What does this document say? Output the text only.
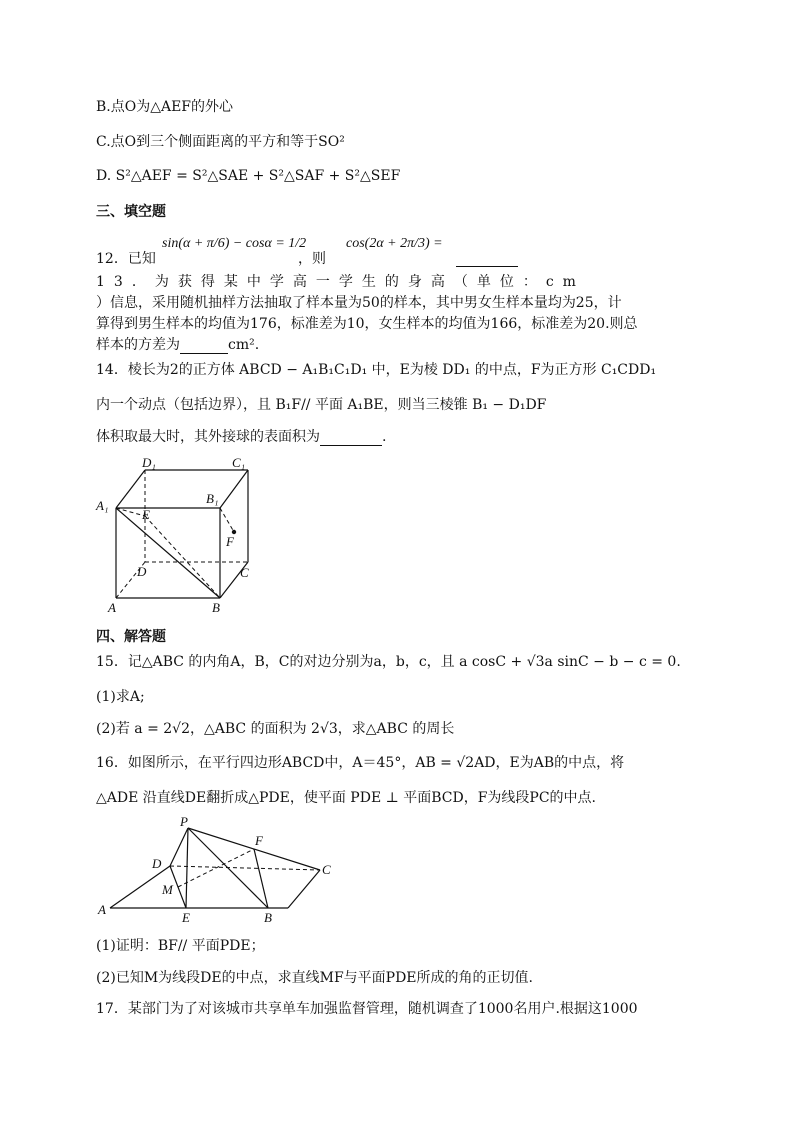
B.点O为△AEF的外心
C.点O到三个侧面距离的平方和等于SO²
D. S²△AEF = S²△SAE + S²△SAF + S²△SEF
三、填空题
12．已知
sin(α + π/6) − cosα = 1/2
，则
cos(2α + 2π/3) =
13．为获得某中学高一学生的身高（单位：cm
）信息，采用随机抽样方法抽取了样本量为50的样本，其中男女生样本量均为25，计
算得到男生样本的均值为176，标准差为10，女生样本的均值为166，标准差为20.则总
样本的方差为	cm².
14．棱长为2的正方体 ABCD − A₁B₁C₁D₁ 中，E为棱 DD₁ 的中点，F为正方形 C₁CDD₁
内一个动点（包括边界），且 B₁F// 平面 A₁BE，则当三棱锥 B₁ − D₁DF
体积取最大时，其外接球的表面积为	.
D₁	C₁
A₁	B₁
E
F
D	C
A	B
四、解答题
15．记△ABC 的内角A，B，C的对边分别为a，b，c，且 a cosC + √3a sinC − b − c = 0.
(1)求A;
(2)若 a = 2√2，△ABC 的面积为 2√3，求△ABC 的周长
16．如图所示，在平行四边形ABCD中，A＝45°，AB = √2AD，E为AB的中点，将
△ADE 沿直线DE翻折成△PDE，使平面 PDE ⊥ 平面BCD，F为线段PC的中点.
P
F
D	C
M
A
E	B
(1)证明：BF// 平面PDE；
(2)已知M为线段DE的中点，求直线MF与平面PDE所成的角的正切值.
17．某部门为了对该城市共享单车加强监督管理，随机调查了1000名用户.根据这1000
